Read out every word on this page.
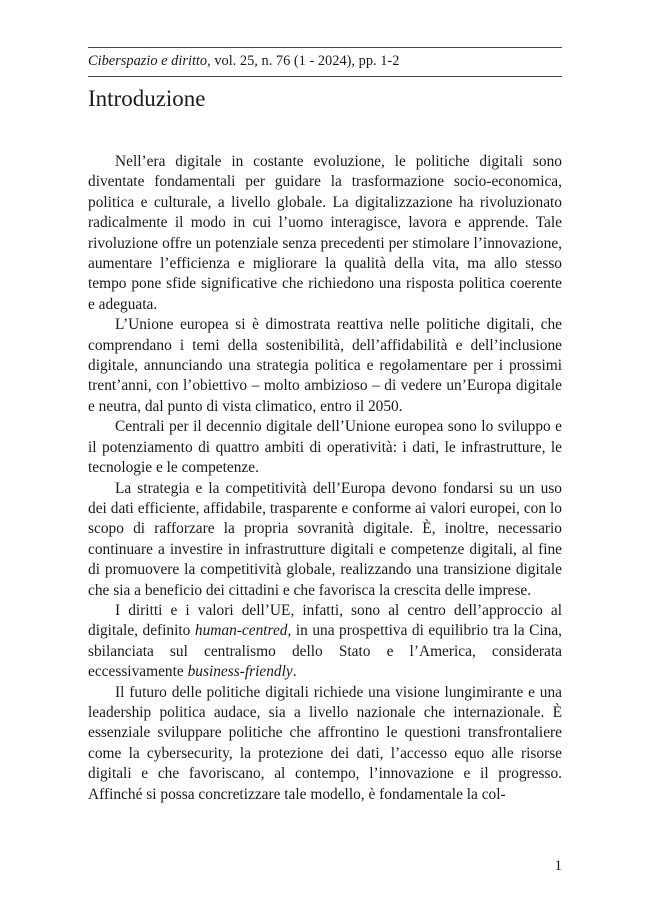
Ciberspazio e diritto, vol. 25, n. 76 (1 - 2024), pp. 1-2
Introduzione

Nell’era digitale in costante evoluzione, le politiche digitali sono diventate fondamentali per guidare la trasformazione socio-economica, politica e culturale, a livello globale. La digitalizzazione ha rivoluzionato radicalmente il modo in cui l’uomo interagisce, lavora e apprende. Tale rivoluzione offre un potenziale senza precedenti per stimolare l’innovazione, aumentare l’efficienza e migliorare la qualità della vita, ma allo stesso tempo pone sfide significative che richiedono una risposta politica coerente e adeguata.

L’Unione europea si è dimostrata reattiva nelle politiche digitali, che comprendano i temi della sostenibilità, dell’affidabilità e dell’inclusione digitale, annunciando una strategia politica e regolamentare per i prossimi trent’anni, con l’obiettivo – molto ambizioso – di vedere un’Europa digitale e neutra, dal punto di vista climatico, entro il 2050.

Centrali per il decennio digitale dell’Unione europea sono lo sviluppo e il potenziamento di quattro ambiti di operatività: i dati, le infrastrutture, le tecnologie e le competenze.

La strategia e la competitività dell’Europa devono fondarsi su un uso dei dati efficiente, affidabile, trasparente e conforme ai valori europei, con lo scopo di rafforzare la propria sovranità digitale. È, inoltre, necessario continuare a investire in infrastrutture digitali e competenze digitali, al fine di promuovere la competitività globale, realizzando una transizione digitale che sia a beneficio dei cittadini e che favorisca la crescita delle imprese.

I diritti e i valori dell’UE, infatti, sono al centro dell’approccio al digitale, definito human-centred, in una prospettiva di equilibrio tra la Cina, sbilanciata sul centralismo dello Stato e l’America, considerata eccessivamente business-friendly.

Il futuro delle politiche digitali richiede una visione lungimirante e una leadership politica audace, sia a livello nazionale che internazionale. È essenziale sviluppare politiche che affrontino le questioni transfrontaliere come la cybersecurity, la protezione dei dati, l’accesso equo alle risorse digitali e che favoriscano, al contempo, l’innovazione e il progresso. Affinché si possa concretizzare tale modello, è fondamentale la col-

1
